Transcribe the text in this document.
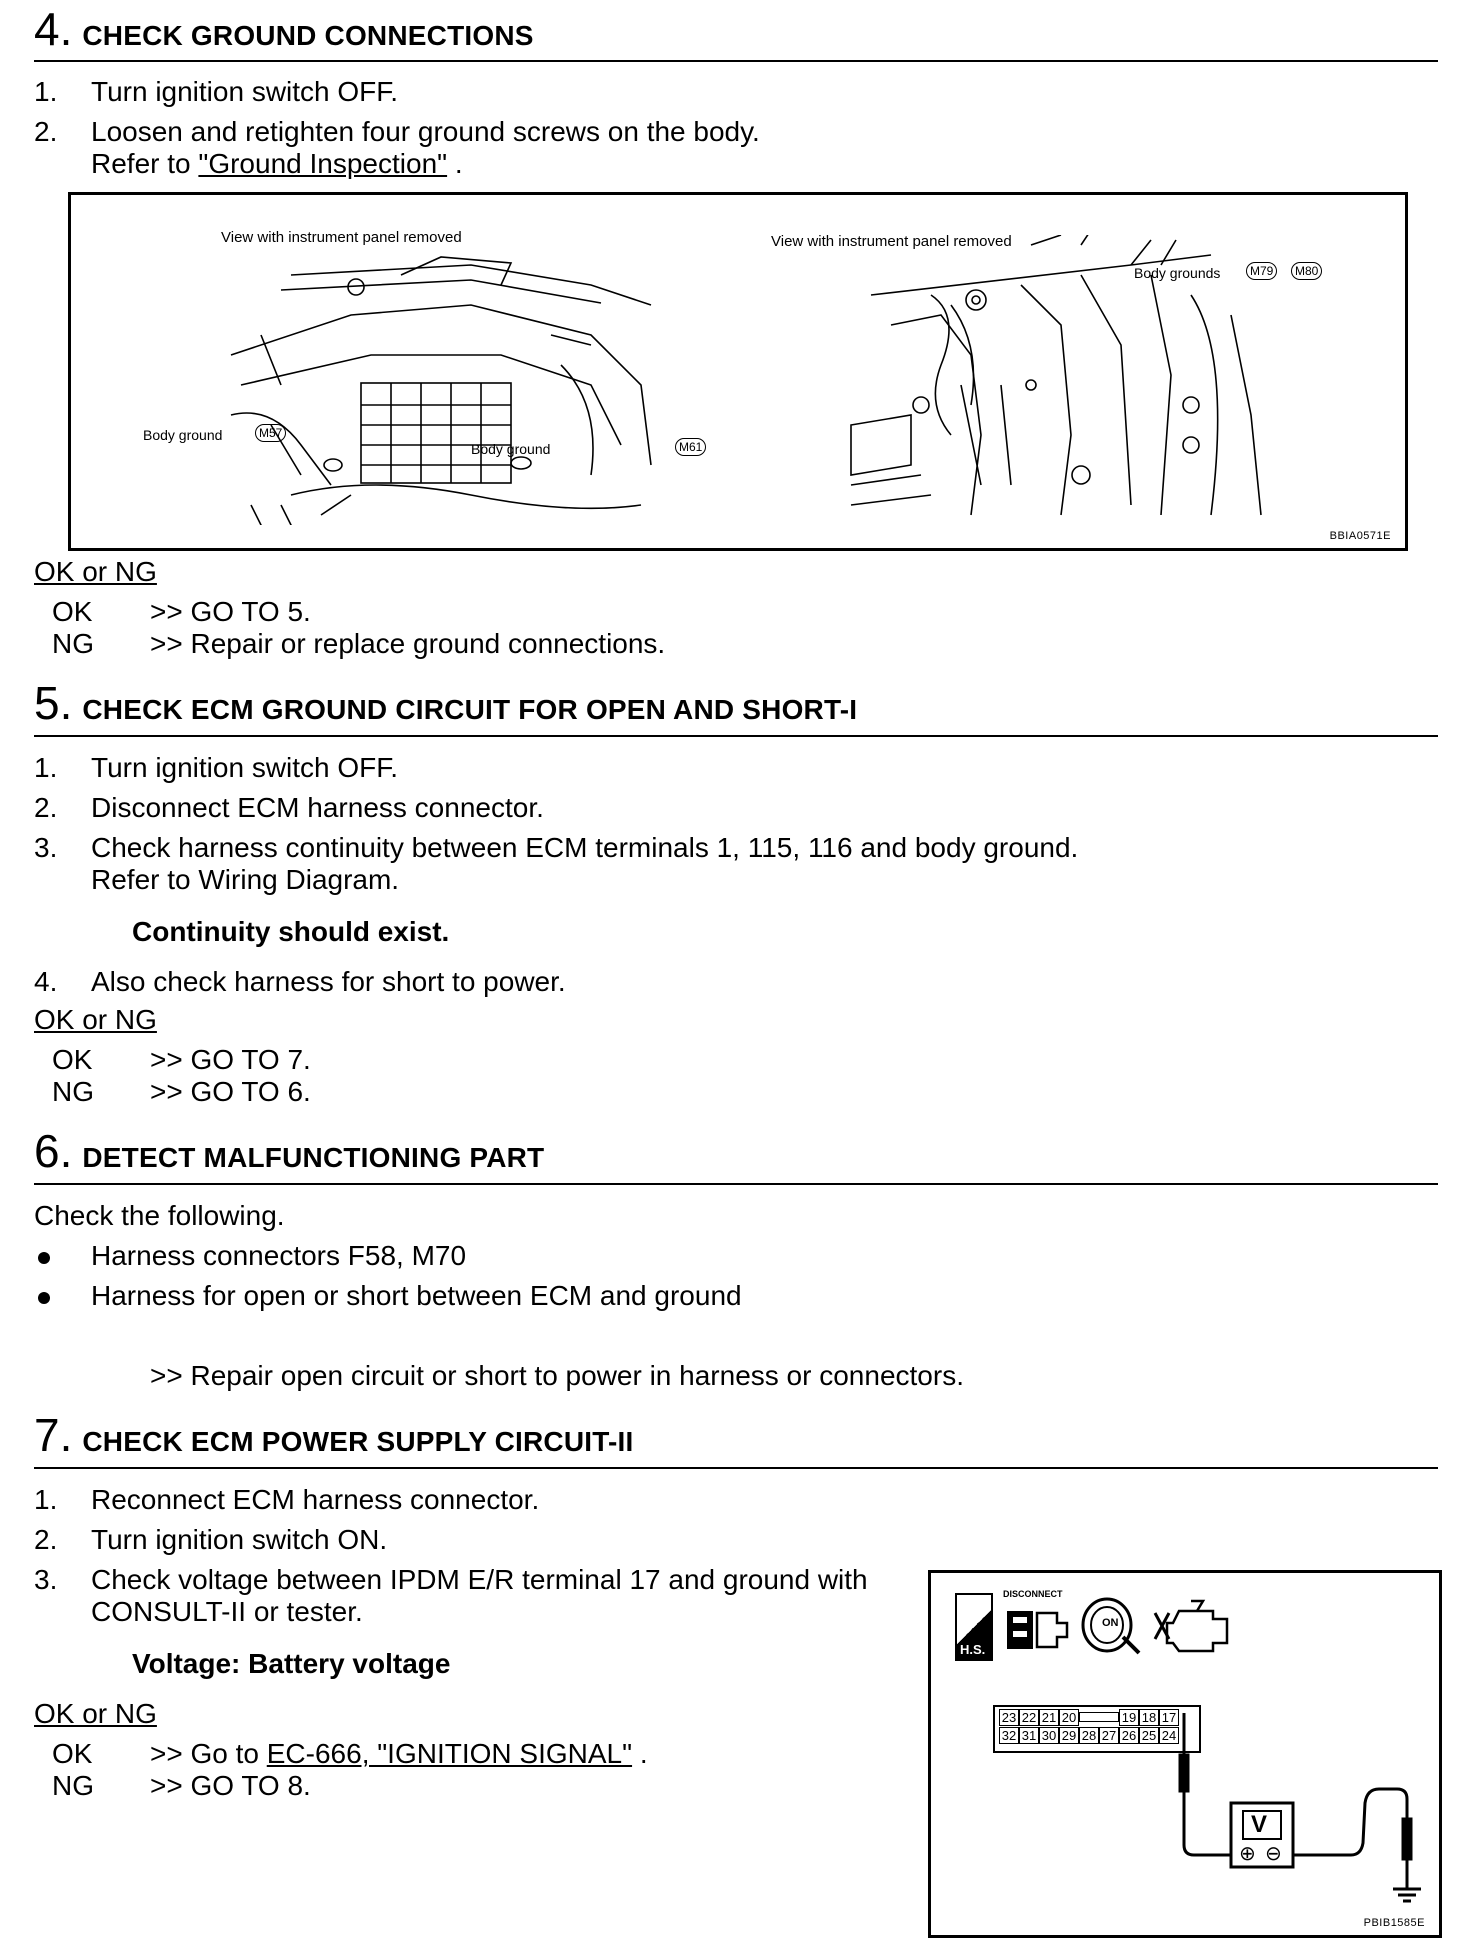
4 . CHECK GROUND CONNECTIONS
1. Turn ignition switch OFF.
2. Loosen and retighten four ground screws on the body.
Refer to "Ground Inspection" .
View with instrument panel removed	View with instrument panel removed
Body ground	M57
Body ground	M61
Body grounds	M79	M80
BBIA0571E
OK or NG
OK >> GO TO 5.
NG >> Repair or replace ground connections.
5 . CHECK ECM GROUND CIRCUIT FOR OPEN AND SHORT-I
1. Turn ignition switch OFF.
2. Disconnect ECM harness connector.
3. Check harness continuity between ECM terminals 1, 115, 116 and body ground.
Refer to Wiring Diagram.
Continuity should exist.
4. Also check harness for short to power.
OK or NG
OK >> GO TO 7.
NG >> GO TO 6.
6 . DETECT MALFUNCTIONING PART
Check the following.
Harness connectors F58, M70
Harness for open or short between ECM and ground
>> Repair open circuit or short to power in harness or connectors.
7 . CHECK ECM POWER SUPPLY CIRCUIT-II
1. Reconnect ECM harness connector.
2. Turn ignition switch ON.
3. Check voltage between IPDM E/R terminal 17 and ground with
CONSULT-II or tester.
Voltage: Battery voltage
OK or NG
OK >> Go to EC-666, "IGNITION SIGNAL" .
NG >> GO TO 8.
H.S.
DISCONNECT
ON
23 22 21 20	19 18 17
32 31 30 29 28 27 26 25 24
V
⊕ ⊖
PBIB1585E
